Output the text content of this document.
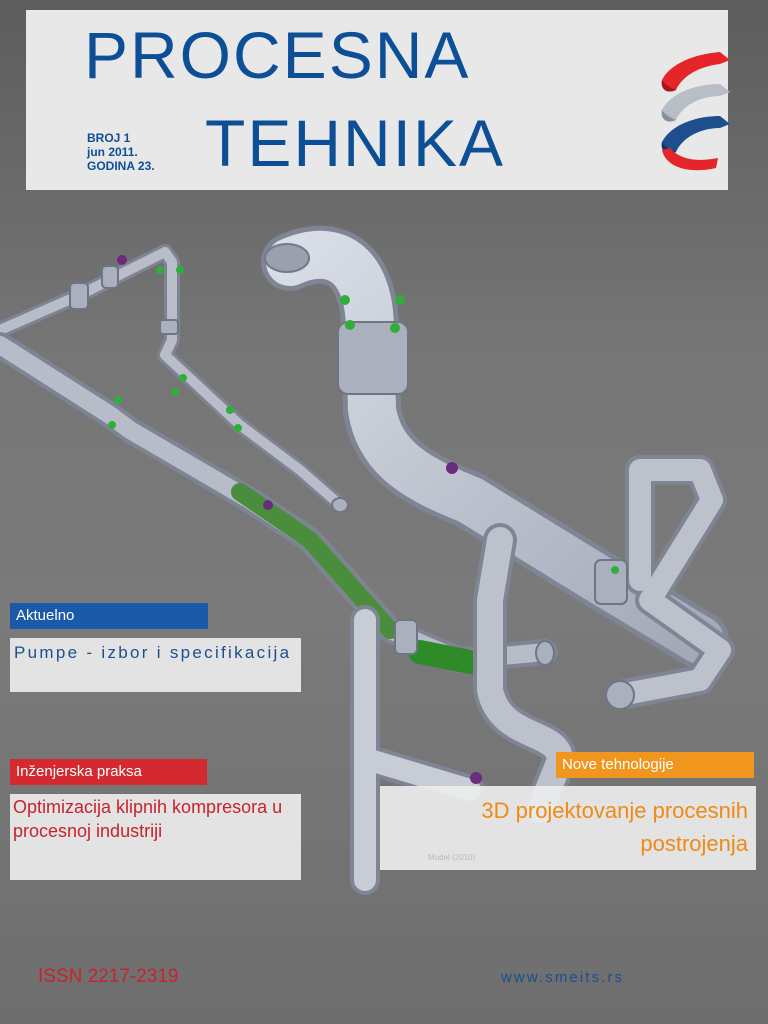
PROCESNA
TEHNIKA
BROJ 1
jun 2011.
GODINA 23.
Aktuelno
Pumpe - izbor i specifikacija
Inženjerska praksa
Optimizacija klipnih kompresora u procesnoj industriji
Nove tehnologije
3D projektovanje procesnih postrojenja
Model (2010)
ISSN 2217-2319	www.smeits.rs
